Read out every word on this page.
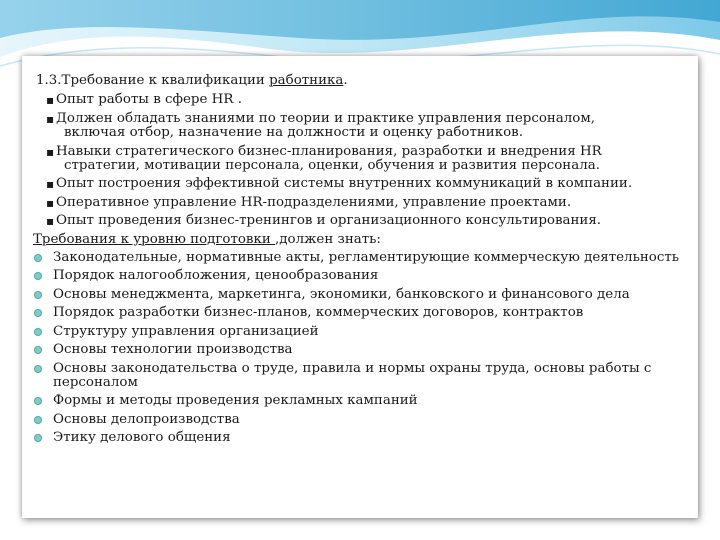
1.3.Требование к квалификации работника.
▪ Опыт работы в сфере HR .
▪ Должен обладать знаниями по теории и практике управления персоналом,
включая отбор, назначение на должности и оценку работников.
▪ Навыки стратегического бизнес-планирования, разработки и внедрения HR
стратегии, мотивации персонала, оценки, обучения и развития персонала.
▪ Опыт построения эффективной системы внутренних коммуникаций в компании.
▪ Оперативное управление HR-подразделениями, управление проектами.
▪ Опыт проведения бизнес-тренингов и организационного консультирования.
Требования к уровню подготовки ,должен знать:
Законодательные, нормативные акты, регламентирующие коммерческую деятельность
Порядок налогообложения, ценообразования
Основы менеджмента, маркетинга, экономики, банковского и финансового дела
Порядок разработки бизнес-планов, коммерческих договоров, контрактов
Структуру управления организацией
Основы технологии производства
Основы законодательства о труде, правила и нормы охраны труда, основы работы с персоналом
Формы и методы проведения рекламных кампаний
Основы делопроизводства
Этику делового общения
